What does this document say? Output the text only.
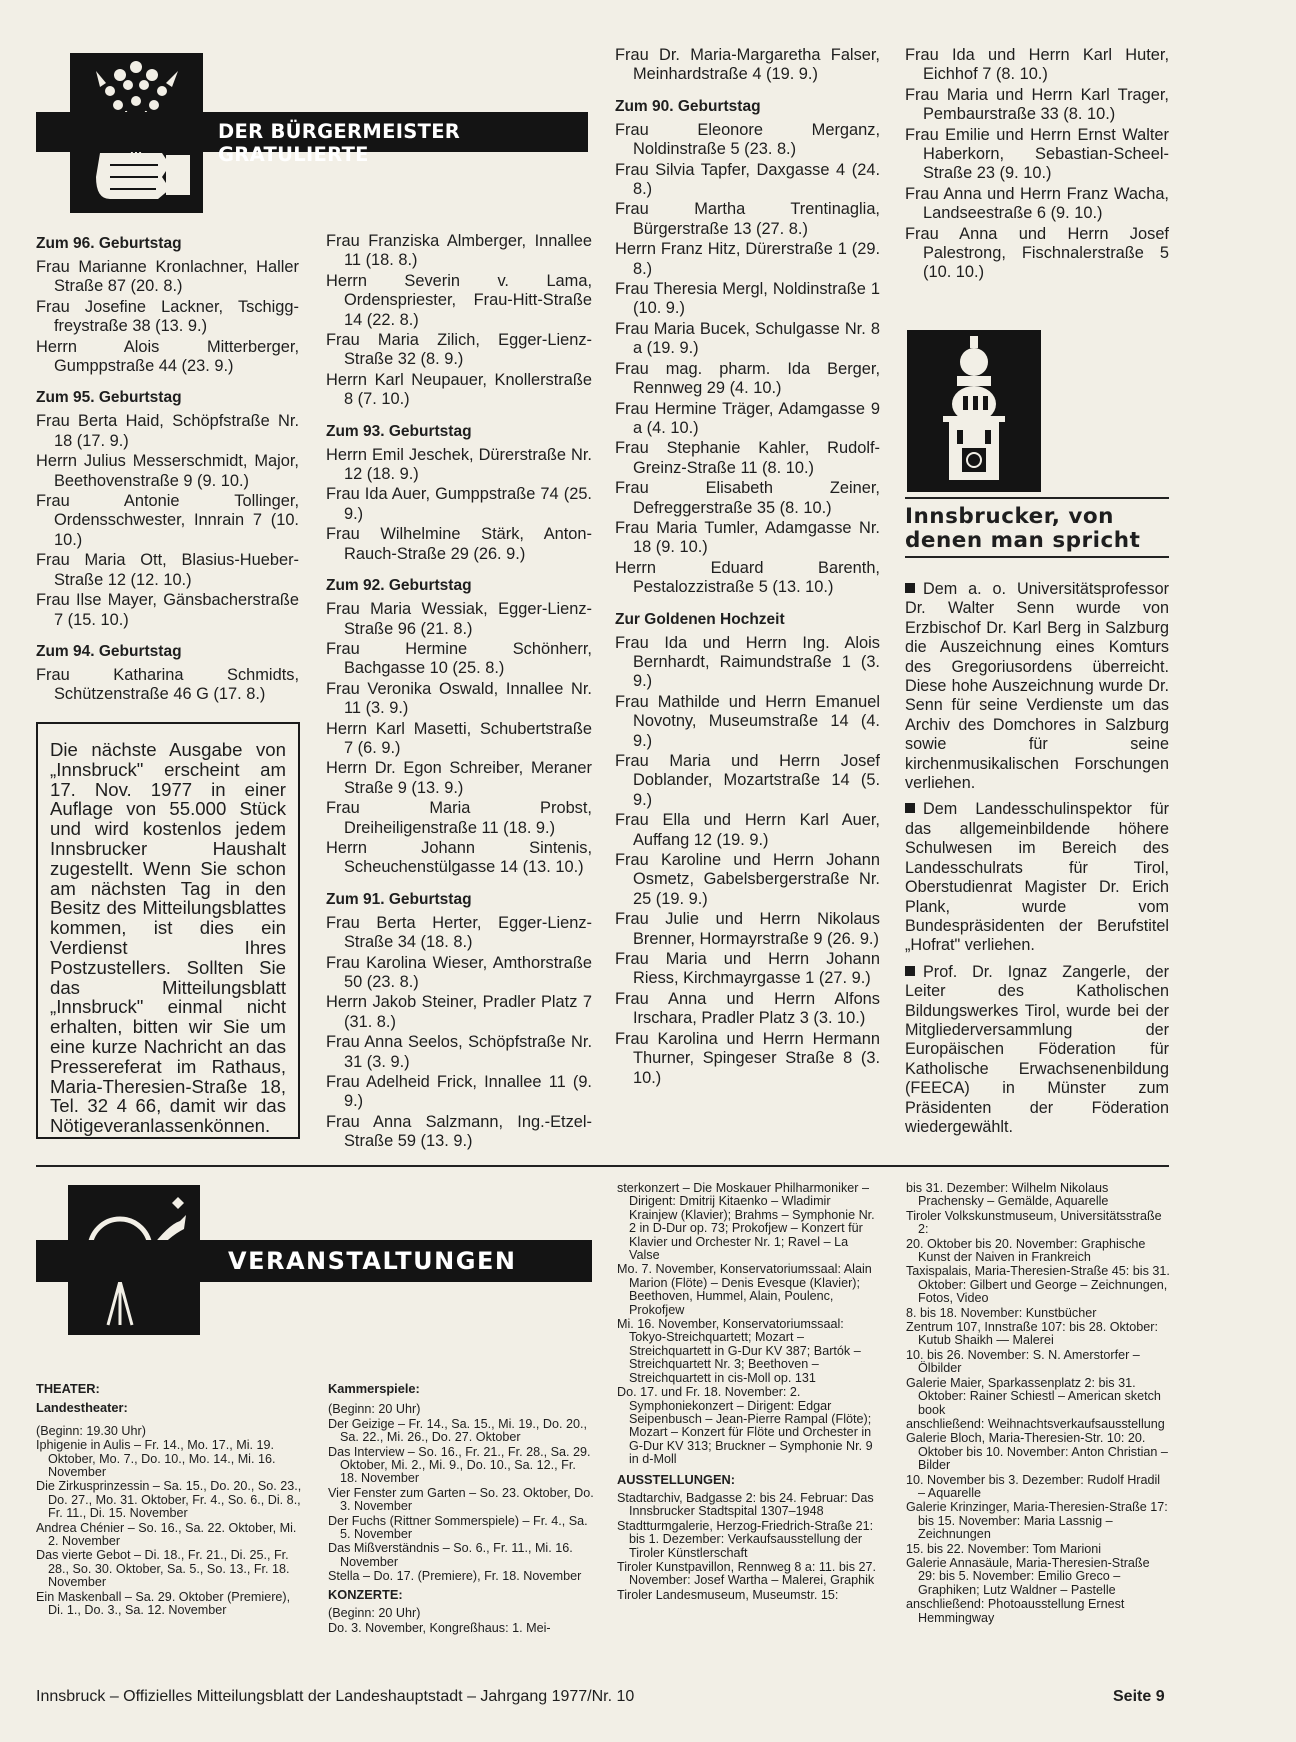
DER BÜRGERMEISTER GRATULIERTE
Zum 96. Geburtstag

Frau Marianne Kronlachner, Haller Straße 87 (20. 8.)

Frau Josefine Lackner, Tschigg-freystraße 38 (13. 9.)

Herrn Alois Mitterberger, Gumppstraße 44 (23. 9.)

Zum 95. Geburtstag

Frau Berta Haid, Schöpfstraße Nr. 18 (17. 9.)

Herrn Julius Messerschmidt, Major, Beethovenstraße 9 (9. 10.)

Frau Antonie Tollinger, Ordensschwester, Innrain 7 (10. 10.)

Frau Maria Ott, Blasius-Hueber-Straße 12 (12. 10.)

Frau Ilse Mayer, Gänsbacherstraße 7 (15. 10.)

Zum 94. Geburtstag

Frau Katharina Schmidts, Schützenstraße 46 G (17. 8.)

Die nächste Ausgabe von „Innsbruck" erscheint am 17. Nov. 1977 in einer Auflage von 55.000 Stück und wird kostenlos jedem Innsbrucker Haushalt zugestellt. Wenn Sie schon am nächsten Tag in den Besitz des Mitteilungsblattes kommen, ist dies ein Verdienst Ihres Postzustellers. Sollten Sie das Mitteilungsblatt „Innsbruck" einmal nicht erhalten, bitten wir Sie um eine kurze Nachricht an das Pressereferat im Rathaus, Maria-Theresien-Straße 18, Tel. 32 4 66, damit wir das Nötigeveranlassenkönnen.

Frau Franziska Almberger, Innallee 11 (18. 8.)

Herrn Severin v. Lama, Ordenspriester, Frau-Hitt-Straße 14 (22. 8.)

Frau Maria Zilich, Egger-Lienz-Straße 32 (8. 9.)

Herrn Karl Neupauer, Knollerstraße 8 (7. 10.)

Zum 93. Geburtstag

Herrn Emil Jeschek, Dürerstraße Nr. 12 (18. 9.)

Frau Ida Auer, Gumppstraße 74 (25. 9.)

Frau Wilhelmine Stärk, Anton-Rauch-Straße 29 (26. 9.)

Zum 92. Geburtstag

Frau Maria Wessiak, Egger-Lienz-Straße 96 (21. 8.)

Frau Hermine Schönherr, Bachgasse 10 (25. 8.)

Frau Veronika Oswald, Innallee Nr. 11 (3. 9.)

Herrn Karl Masetti, Schubertstraße 7 (6. 9.)

Herrn Dr. Egon Schreiber, Meraner Straße 9 (13. 9.)

Frau Maria Probst, Dreiheiligenstraße 11 (18. 9.)

Herrn Johann Sintenis, Scheuchenstülgasse 14 (13. 10.)

Zum 91. Geburtstag

Frau Berta Herter, Egger-Lienz-Straße 34 (18. 8.)

Frau Karolina Wieser, Amthorstraße 50 (23. 8.)

Herrn Jakob Steiner, Pradler Platz 7 (31. 8.)

Frau Anna Seelos, Schöpfstraße Nr. 31 (3. 9.)

Frau Adelheid Frick, Innallee 11 (9. 9.)

Frau Anna Salzmann, Ing.-Etzel-Straße 59 (13. 9.)

Frau Dr. Maria-Margaretha Falser, Meinhardstraße 4 (19. 9.)

Zum 90. Geburtstag

Frau Eleonore Merganz, Noldinstraße 5 (23. 8.)

Frau Silvia Tapfer, Daxgasse 4 (24. 8.)

Frau Martha Trentinaglia, Bürgerstraße 13 (27. 8.)

Herrn Franz Hitz, Dürerstraße 1 (29. 8.)

Frau Theresia Mergl, Noldinstraße 1 (10. 9.)

Frau Maria Bucek, Schulgasse Nr. 8 a (19. 9.)

Frau mag. pharm. Ida Berger, Rennweg 29 (4. 10.)

Frau Hermine Träger, Adamgasse 9 a (4. 10.)

Frau Stephanie Kahler, Rudolf-Greinz-Straße 11 (8. 10.)

Frau Elisabeth Zeiner, Defreggerstraße 35 (8. 10.)

Frau Maria Tumler, Adamgasse Nr. 18 (9. 10.)

Herrn Eduard Barenth, Pestalozzistraße 5 (13. 10.)

Zur Goldenen Hochzeit

Frau Ida und Herrn Ing. Alois Bernhardt, Raimundstraße 1 (3. 9.)

Frau Mathilde und Herrn Emanuel Novotny, Museumstraße 14 (4. 9.)

Frau Maria und Herrn Josef Doblander, Mozartstraße 14 (5. 9.)

Frau Ella und Herrn Karl Auer, Auffang 12 (19. 9.)

Frau Karoline und Herrn Johann Osmetz, Gabelsbergerstraße Nr. 25 (19. 9.)

Frau Julie und Herrn Nikolaus Brenner, Hormayrstraße 9 (26. 9.)

Frau Maria und Herrn Johann Riess, Kirchmayrgasse 1 (27. 9.)

Frau Anna und Herrn Alfons Irschara, Pradler Platz 3 (3. 10.)

Frau Karolina und Herrn Hermann Thurner, Spingeser Straße 8 (3. 10.)

Frau Ida und Herrn Karl Huter, Eichhof 7 (8. 10.)

Frau Maria und Herrn Karl Trager, Pembaurstraße 33 (8. 10.)

Frau Emilie und Herrn Ernst Walter Haberkorn, Sebastian-Scheel-Straße 23 (9. 10.)

Frau Anna und Herrn Franz Wacha, Landseestraße 6 (9. 10.)

Frau Anna und Herrn Josef Palestrong, Fischnalerstraße 5 (10. 10.)

Innsbrucker, von denen man spricht

Dem a. o. Universitätsprofessor Dr. Walter Senn wurde von Erzbischof Dr. Karl Berg in Salzburg die Auszeichnung eines Komturs des Gregoriusordens überreicht. Diese hohe Auszeichnung wurde Dr. Senn für seine Verdienste um das Archiv des Domchores in Salzburg sowie für seine kirchenmusikalischen Forschungen verliehen.

Dem Landesschulinspektor für das allgemeinbildende höhere Schulwesen im Bereich des Landesschulrats für Tirol, Oberstudienrat Magister Dr. Erich Plank, wurde vom Bundespräsidenten der Berufstitel „Hofrat" verliehen.

Prof. Dr. Ignaz Zangerle, der Leiter des Katholischen Bildungswerkes Tirol, wurde bei der Mitgliederversammlung der Europäischen Föderation für Katholische Erwachsenenbildung (FEECA) in Münster zum Präsidenten der Föderation wiedergewählt.

VERANSTALTUNGEN
THEATER:
Landestheater:

(Beginn: 19.30 Uhr)

Iphigenie in Aulis – Fr. 14., Mo. 17., Mi. 19. Oktober, Mo. 7., Do. 10., Mo. 14., Mi. 16. November

Die Zirkusprinzessin – Sa. 15., Do. 20., So. 23., Do. 27., Mo. 31. Oktober, Fr. 4., So. 6., Di. 8., Fr. 11., Di. 15. November

Andrea Chénier – So. 16., Sa. 22. Oktober, Mi. 2. November

Das vierte Gebot – Di. 18., Fr. 21., Di. 25., Fr. 28., So. 30. Oktober, Sa. 5., So. 13., Fr. 18. November

Ein Maskenball – Sa. 29. Oktober (Premiere), Di. 1., Do. 3., Sa. 12. November

Kammerspiele:

(Beginn: 20 Uhr)

Der Geizige – Fr. 14., Sa. 15., Mi. 19., Do. 20., Sa. 22., Mi. 26., Do. 27. Oktober

Das Interview – So. 16., Fr. 21., Fr. 28., Sa. 29. Oktober, Mi. 2., Mi. 9., Do. 10., Sa. 12., Fr. 18. November

Vier Fenster zum Garten – So. 23. Oktober, Do. 3. November

Der Fuchs (Rittner Sommerspiele) – Fr. 4., Sa. 5. November

Das Mißverständnis – So. 6., Fr. 11., Mi. 16. November

Stella – Do. 17. (Premiere), Fr. 18. November

KONZERTE:

(Beginn: 20 Uhr)

Do. 3. November, Kongreßhaus: 1. Mei-

sterkonzert – Die Moskauer Philharmoniker – Dirigent: Dmitrij Kitaenko – Wladimir Krainjew (Klavier); Brahms – Symphonie Nr. 2 in D-Dur op. 73; Prokofjew – Konzert für Klavier und Orchester Nr. 1; Ravel – La Valse

Mo. 7. November, Konservatoriumssaal: Alain Marion (Flöte) – Denis Evesque (Klavier); Beethoven, Hummel, Alain, Poulenc, Prokofjew

Mi. 16. November, Konservatoriumssaal: Tokyo-Streichquartett; Mozart – Streichquartett in G-Dur KV 387; Bartók – Streichquartett Nr. 3; Beethoven – Streichquartett in cis-Moll op. 131

Do. 17. und Fr. 18. November: 2. Symphoniekonzert – Dirigent: Edgar Seipenbusch – Jean-Pierre Rampal (Flöte); Mozart – Konzert für Flöte und Orchester in G-Dur KV 313; Bruckner – Symphonie Nr. 9 in d-Moll

AUSSTELLUNGEN:

Stadtarchiv, Badgasse 2: bis 24. Februar: Das Innsbrucker Stadtspital 1307–1948

Stadtturmgalerie, Herzog-Friedrich-Straße 21: bis 1. Dezember: Verkaufsausstellung der Tiroler Künstlerschaft

Tiroler Kunstpavillon, Rennweg 8 a: 11. bis 27. November: Josef Wartha – Malerei, Graphik

Tiroler Landesmuseum, Museumstr. 15:

bis 31. Dezember: Wilhelm Nikolaus Prachensky – Gemälde, Aquarelle

Tiroler Volkskunstmuseum, Universitätsstraße 2:

20. Oktober bis 20. November: Graphische Kunst der Naiven in Frankreich

Taxispalais, Maria-Theresien-Straße 45: bis 31. Oktober: Gilbert und George – Zeichnungen, Fotos, Video

8. bis 18. November: Kunstbücher

Zentrum 107, Innstraße 107: bis 28. Oktober: Kutub Shaikh — Malerei

10. bis 26. November: S. N. Amerstorfer – Ölbilder

Galerie Maier, Sparkassenplatz 2: bis 31. Oktober: Rainer Schiestl – American sketch book

anschließend: Weihnachtsverkaufsausstellung

Galerie Bloch, Maria-Theresien-Str. 10: 20. Oktober bis 10. November: Anton Christian – Bilder

10. November bis 3. Dezember: Rudolf Hradil – Aquarelle

Galerie Krinzinger, Maria-Theresien-Straße 17: bis 15. November: Maria Lassnig – Zeichnungen

15. bis 22. November: Tom Marioni

Galerie Annasäule, Maria-Theresien-Straße 29: bis 5. November: Emilio Greco – Graphiken; Lutz Waldner – Pastelle

anschließend: Photoausstellung Ernest Hemmingway

Innsbruck – Offizielles Mitteilungsblatt der Landeshauptstadt – Jahrgang 1977/Nr. 10	Seite 9
